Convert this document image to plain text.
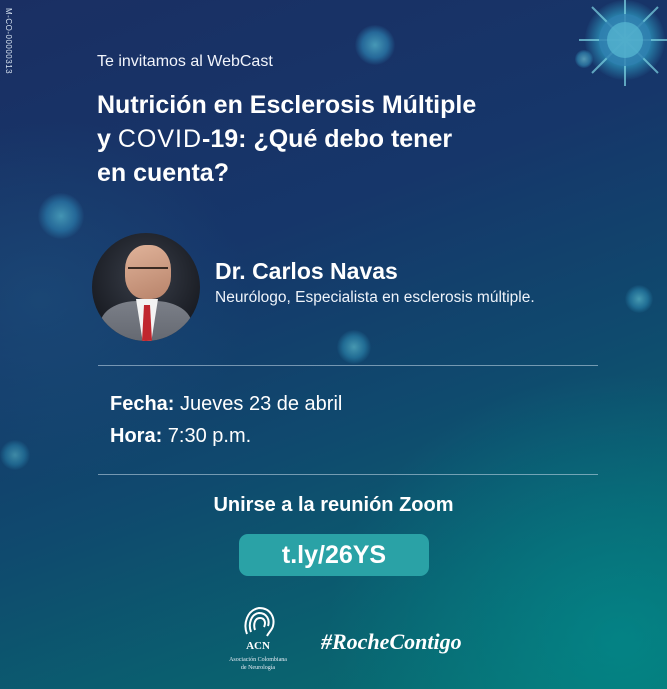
M-CO-00000313	Te invitamos al WebCast
Nutrición en Esclerosis Múltiple
y COVID-19: ¿Qué debo tener
en cuenta?
Dr. Carlos Navas
Neurólogo, Especialista en esclerosis múltiple.
Fecha: Jueves 23 de abril
Hora: 7:30 p.m.
Unirse a la reunión Zoom
t.ly/26YS
ACN
Asociación Colombiana
de Neurología
#RocheContigo
